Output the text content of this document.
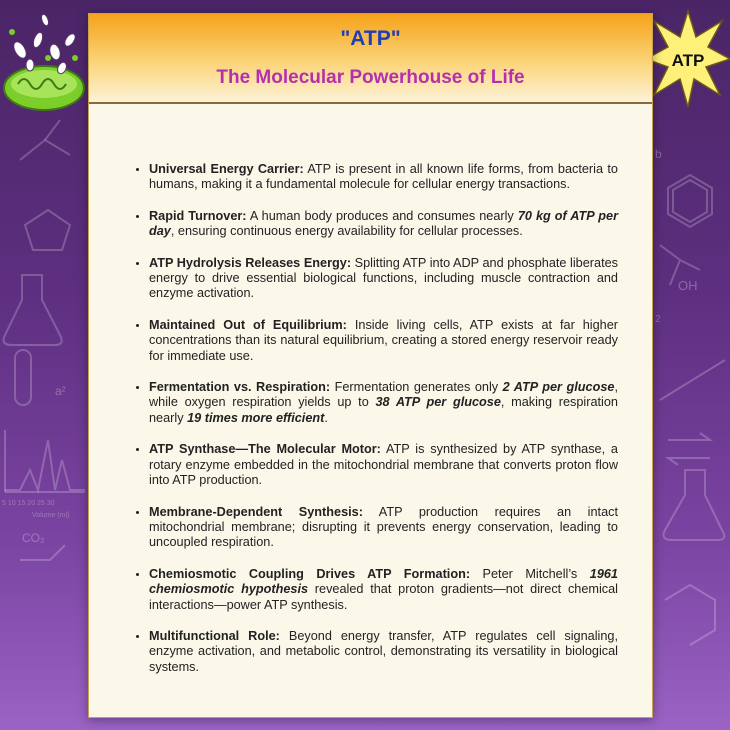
OH
a²
b
CO₂
2
5 10 15 20 25 30
Volume (ml)
ATP
"ATP"
The Molecular Powerhouse of Life
• Universal Energy Carrier: ATP is present in all known life forms, from bacteria to humans, making it a fundamental molecule for cellular energy transactions.
• Rapid Turnover: A human body produces and consumes nearly 70 kg of ATP per day, ensuring continuous energy availability for cellular processes.
• ATP Hydrolysis Releases Energy: Splitting ATP into ADP and phosphate liberates energy to drive essential biological functions, including muscle contraction and enzyme activation.
• Maintained Out of Equilibrium: Inside living cells, ATP exists at far higher concentrations than its natural equilibrium, creating a stored energy reservoir ready for immediate use.
• Fermentation vs. Respiration: Fermentation generates only 2 ATP per glucose, while oxygen respiration yields up to 38 ATP per glucose, making respiration nearly 19 times more efficient.
• ATP Synthase—The Molecular Motor: ATP is synthesized by ATP synthase, a rotary enzyme embedded in the mitochondrial membrane that converts proton flow into ATP production.
• Membrane-Dependent Synthesis: ATP production requires an intact mitochondrial membrane; disrupting it prevents energy conservation, leading to uncoupled respiration.
• Chemiosmotic Coupling Drives ATP Formation: Peter Mitchell’s 1961 chemiosmotic hypothesis revealed that proton gradients—not direct chemical interactions—power ATP synthesis.
• Multifunctional Role: Beyond energy transfer, ATP regulates cell signaling, enzyme activation, and metabolic control, demonstrating its versatility in biological systems.
